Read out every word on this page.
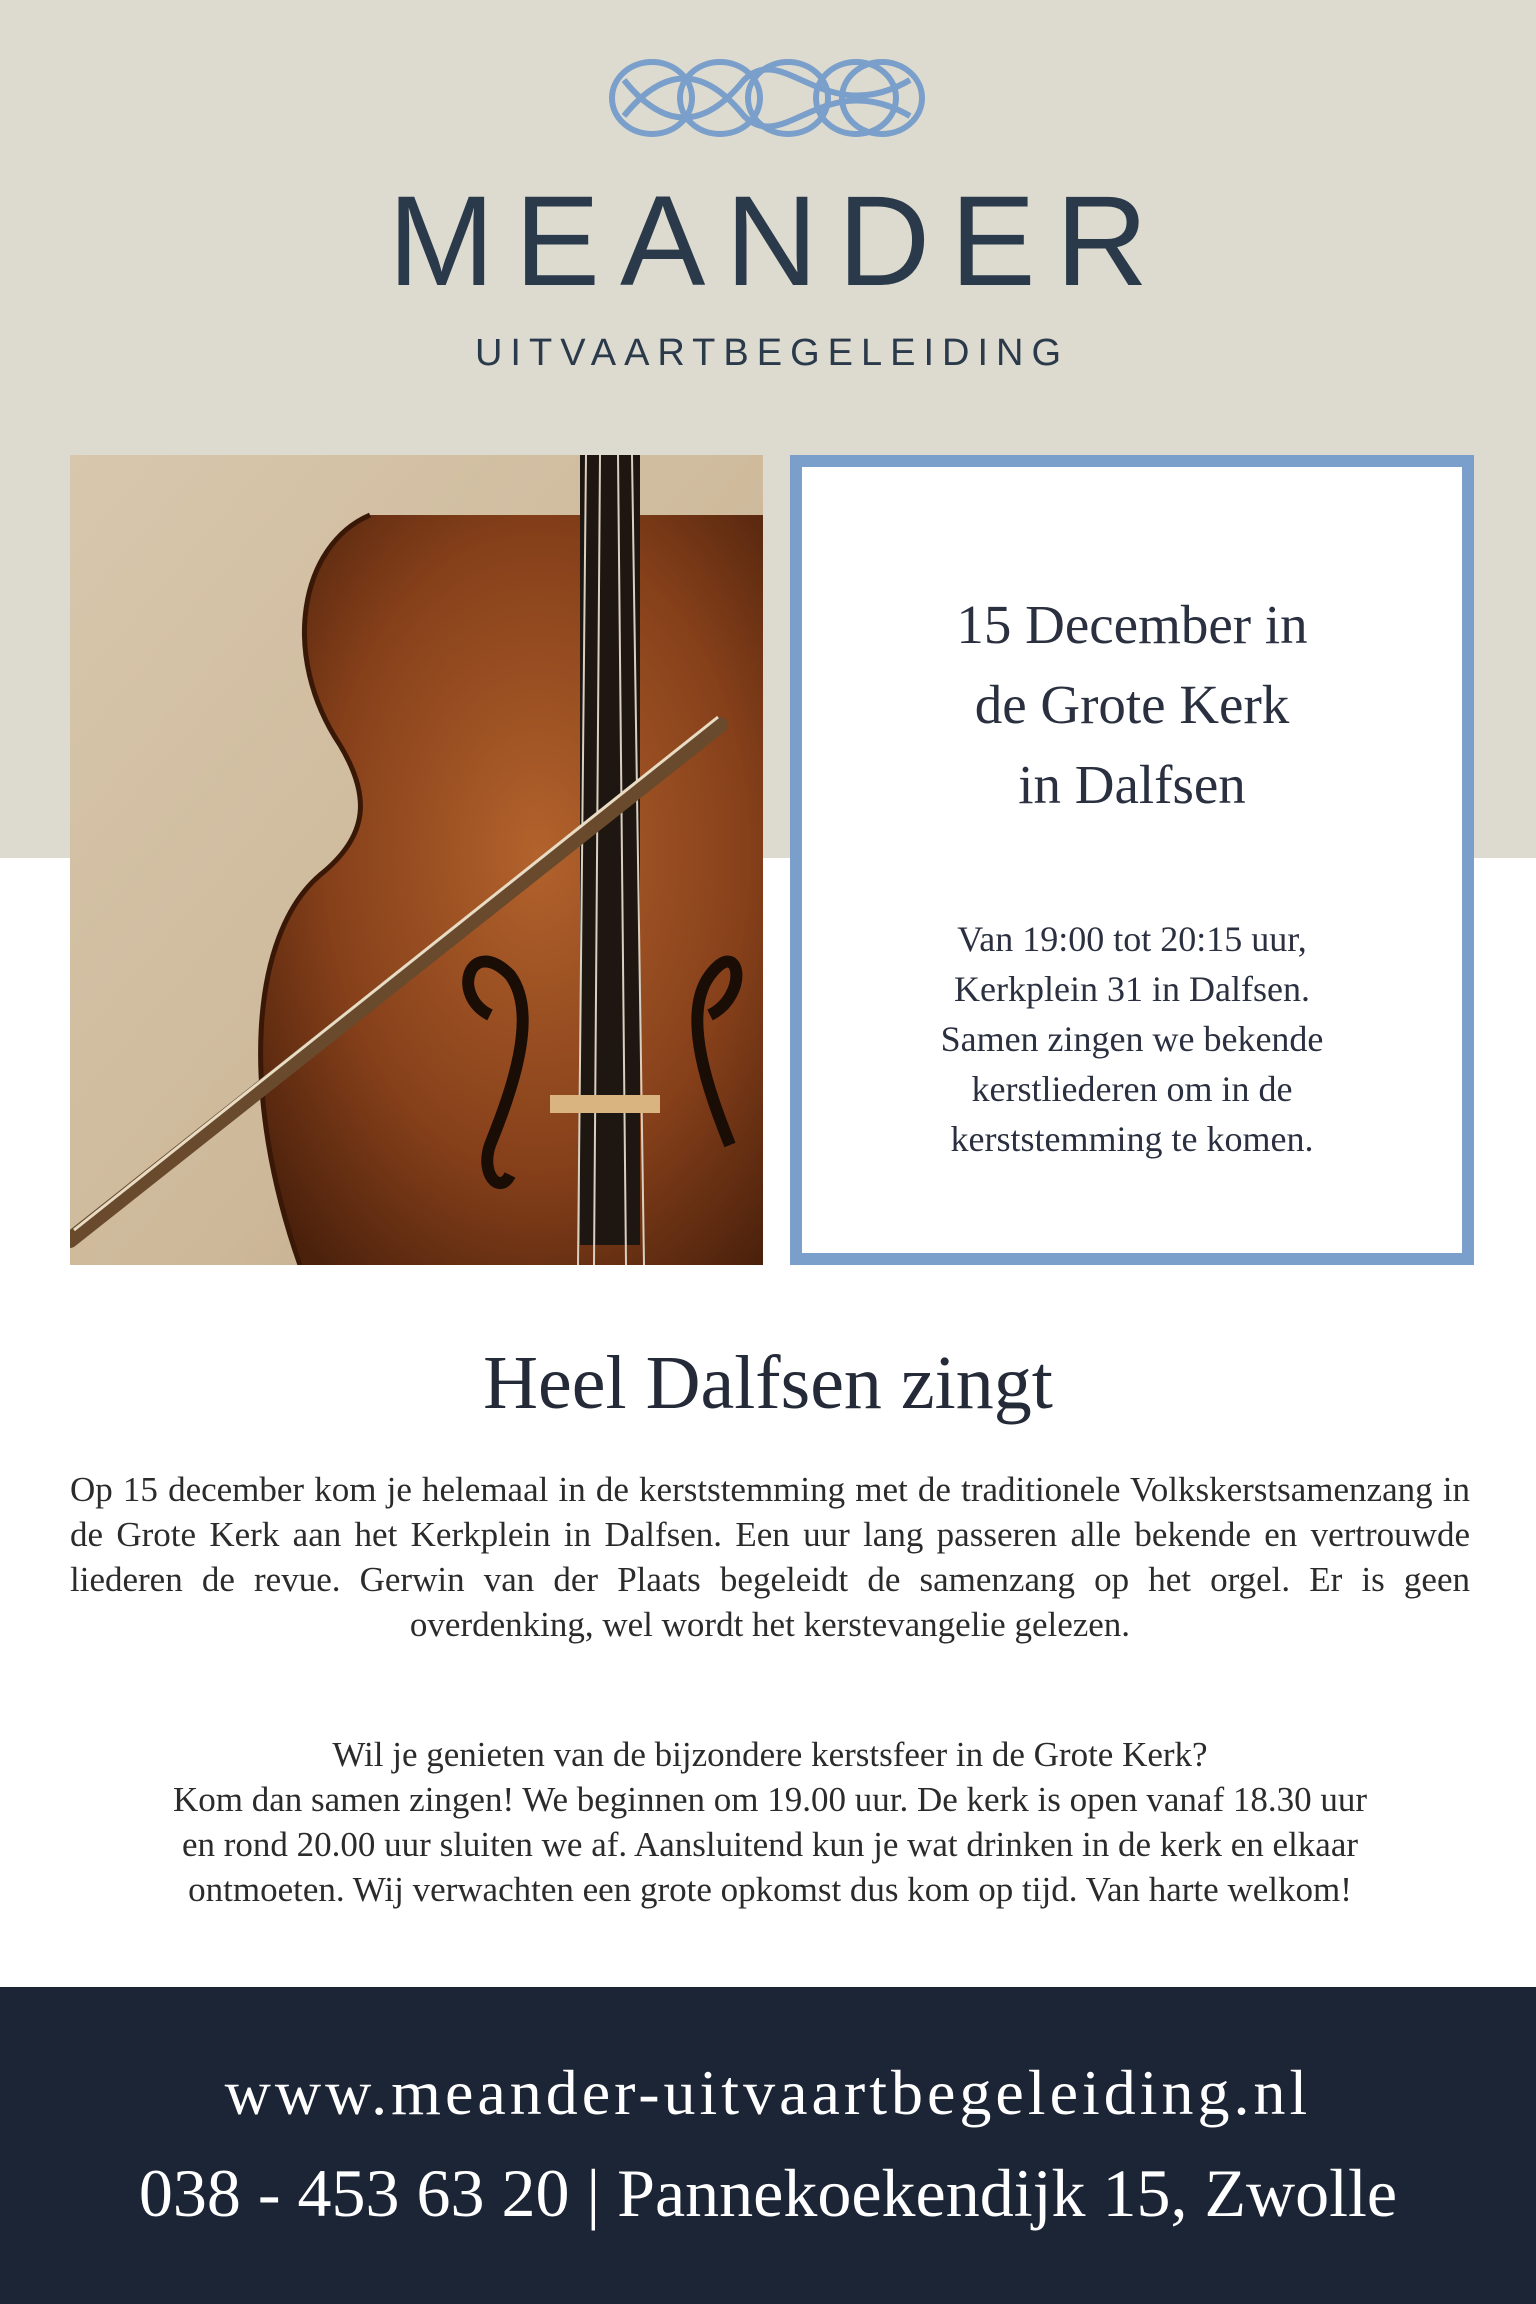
MEANDER
UITVAARTBEGELEIDING
15 December in
de Grote Kerk
in Dalfsen
Van 19:00 tot 20:15 uur,
Kerkplein 31 in Dalfsen.
Samen zingen we bekende
kerstliederen om in de
kerststemming te komen.
Heel Dalfsen zingt

Op 15 december kom je helemaal in de kerststemming met de traditionele Volkskerstsamenzang in de Grote Kerk aan het Kerkplein in Dalfsen. Een uur lang passeren alle bekende en vertrouwde liederen de revue. Gerwin van der Plaats begeleidt de samenzang op het orgel. Er is geen overdenking, wel wordt het kerstevangelie gelezen.

Wil je genieten van de bijzondere kerstsfeer in de Grote Kerk?
Kom dan samen zingen! We beginnen om 19.00 uur. De kerk is open vanaf 18.30 uur
en rond 20.00 uur sluiten we af. Aansluitend kun je wat drinken in de kerk en elkaar
ontmoeten. Wij verwachten een grote opkomst dus kom op tijd. Van harte welkom!
www.meander-uitvaartbegeleiding.nl
038 - 453 63 20 | Pannekoekendijk 15, Zwolle
